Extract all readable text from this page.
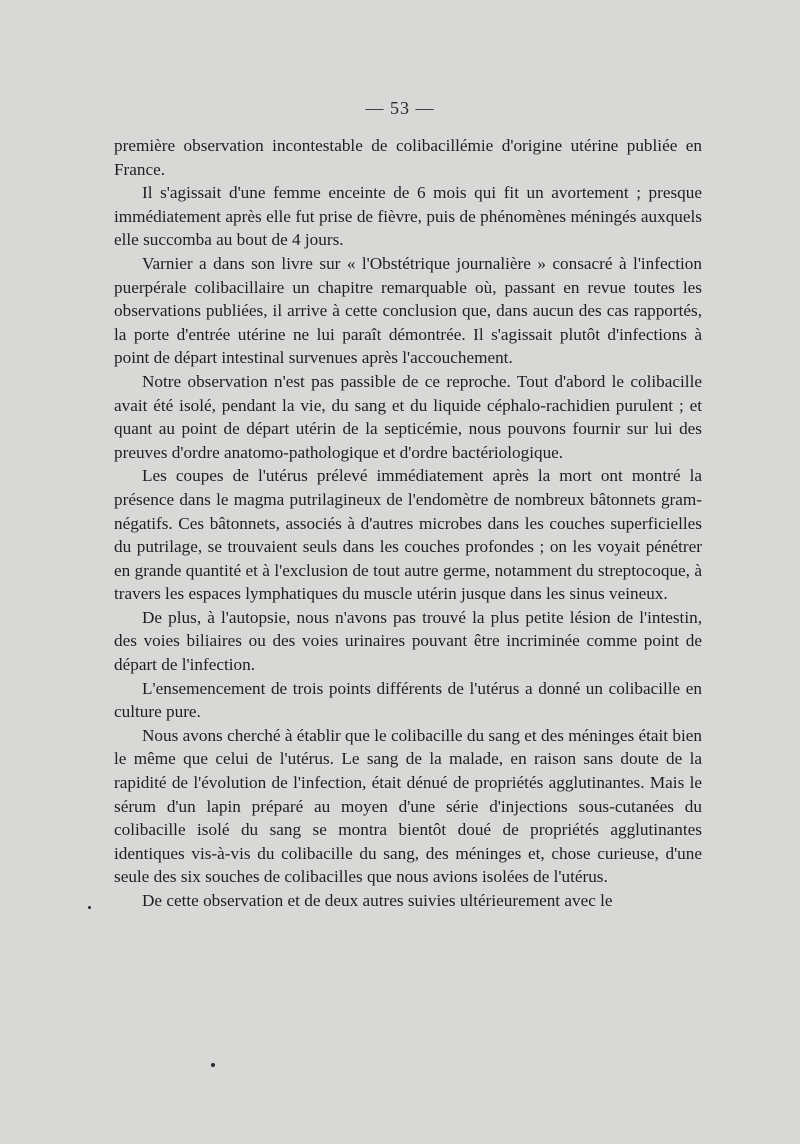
— 53 —

première observation incontestable de colibacillémie d'origine utérine publiée en France.

Il s'agissait d'une femme enceinte de 6 mois qui fit un avortement ; presque immédiatement après elle fut prise de fièvre, puis de phénomènes méningés auxquels elle succomba au bout de 4 jours.

Varnier a dans son livre sur « l'Obstétrique journalière » consacré à l'infection puerpérale colibacillaire un chapitre remarquable où, passant en revue toutes les observations publiées, il arrive à cette conclusion que, dans aucun des cas rapportés, la porte d'entrée utérine ne lui paraît démontrée. Il s'agissait plutôt d'infections à point de départ intestinal survenues après l'accouchement.

Notre observation n'est pas passible de ce reproche. Tout d'abord le colibacille avait été isolé, pendant la vie, du sang et du liquide céphalo-rachidien purulent ; et quant au point de départ utérin de la septicémie, nous pouvons fournir sur lui des preuves d'ordre anatomo-pathologique et d'ordre bactériologique.

Les coupes de l'utérus prélevé immédiatement après la mort ont montré la présence dans le magma putrilagineux de l'endomètre de nombreux bâtonnets gram-négatifs. Ces bâtonnets, associés à d'autres microbes dans les couches superficielles du putrilage, se trouvaient seuls dans les couches profondes ; on les voyait pénétrer en grande quantité et à l'exclusion de tout autre germe, notamment du streptocoque, à travers les espaces lymphatiques du muscle utérin jusque dans les sinus veineux.

De plus, à l'autopsie, nous n'avons pas trouvé la plus petite lésion de l'intestin, des voies biliaires ou des voies urinaires pouvant être incriminée comme point de départ de l'infection.

L'ensemencement de trois points différents de l'utérus a donné un colibacille en culture pure.

Nous avons cherché à établir que le colibacille du sang et des méninges était bien le même que celui de l'utérus. Le sang de la malade, en raison sans doute de la rapidité de l'évolution de l'infection, était dénué de propriétés agglutinantes. Mais le sérum d'un lapin préparé au moyen d'une série d'injections sous-cutanées du colibacille isolé du sang se montra bientôt doué de propriétés agglutinantes identiques vis-à-vis du colibacille du sang, des méninges et, chose curieuse, d'une seule des six souches de colibacilles que nous avions isolées de l'utérus.

De cette observation et de deux autres suivies ultérieurement avec le
